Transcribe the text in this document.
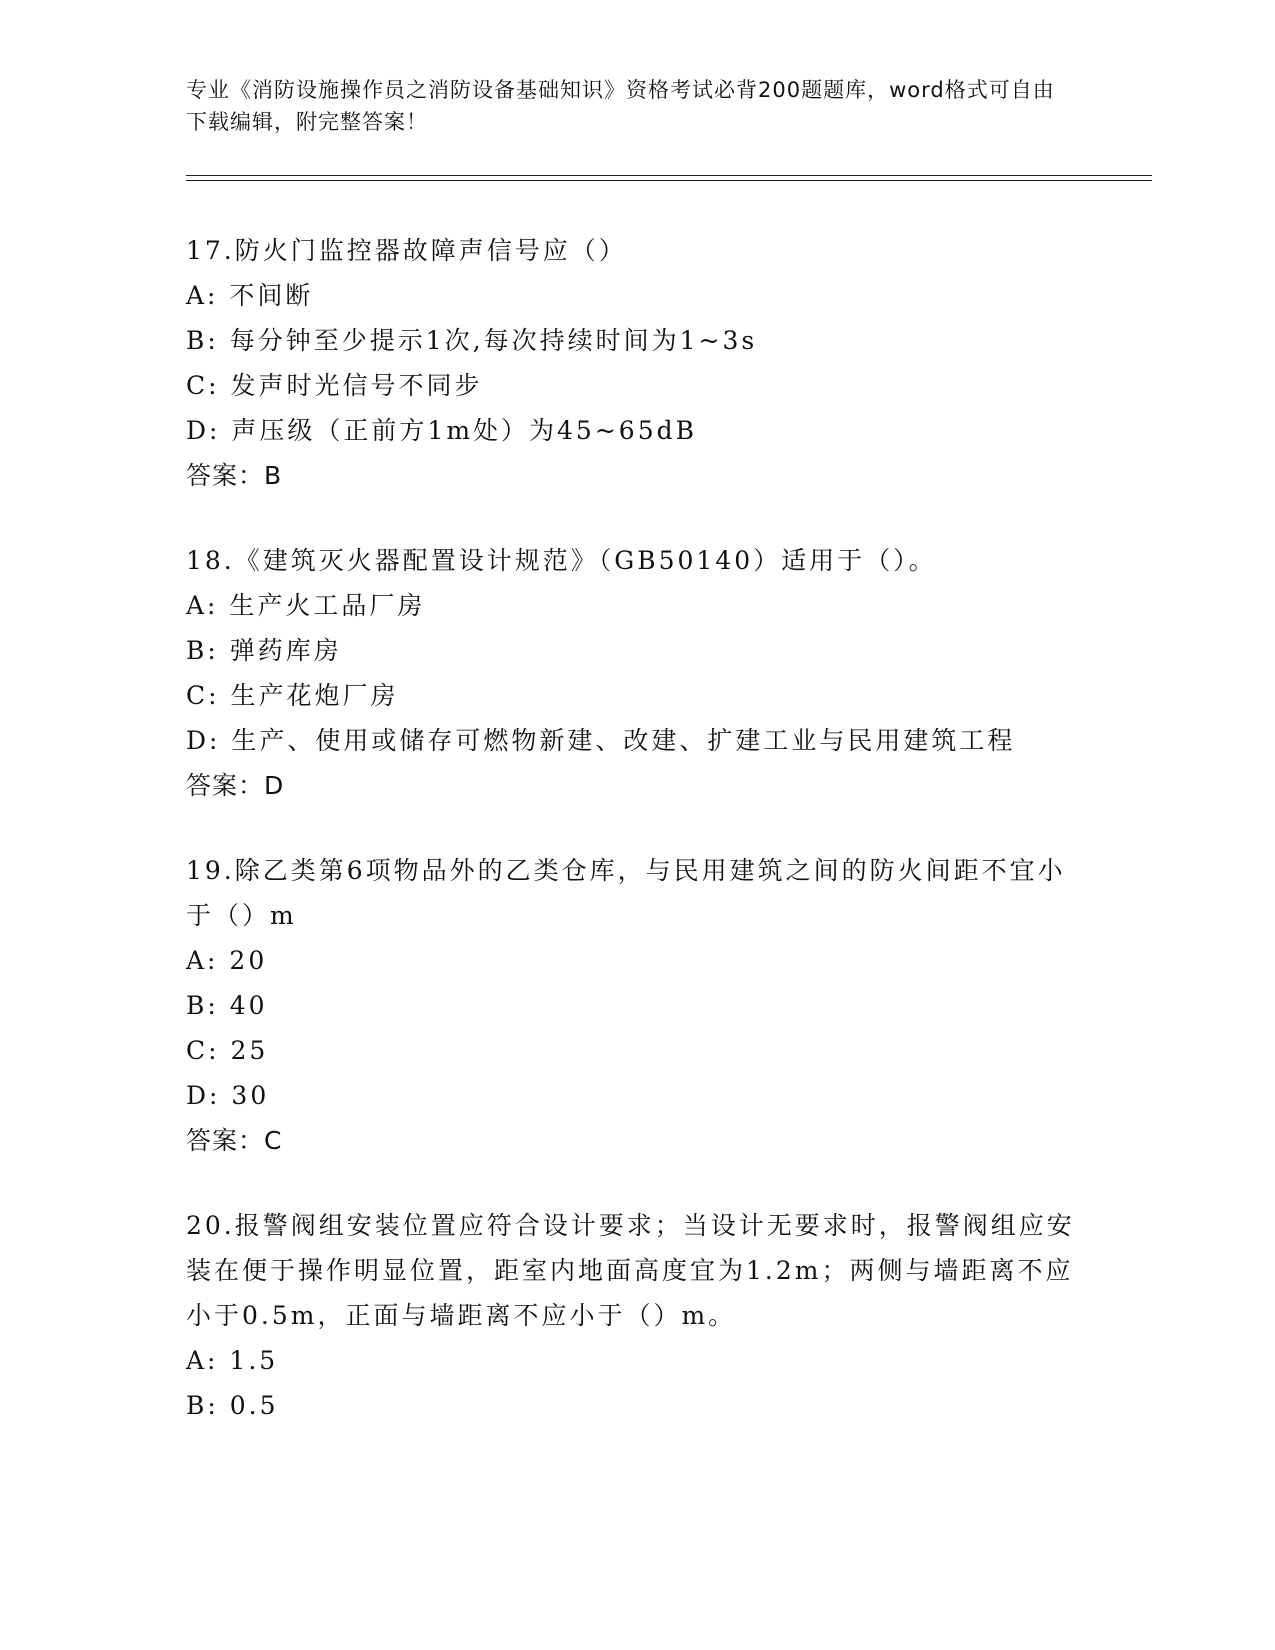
专业《消防设施操作员之消防设备基础知识》资格考试必背200题题库，word格式可自由下载编辑，附完整答案！
17.防火门监控器故障声信号应（）
A: 不间断
B: 每分钟至少提示1次,每次持续时间为1~3s
C: 发声时光信号不同步
D: 声压级（正前方1m处）为45~65dB
答案：B
18.《建筑灭火器配置设计规范》（GB50140）适用于（）。
A: 生产火工品厂房
B: 弹药库房
C: 生产花炮厂房
D: 生产、使用或储存可燃物新建、改建、扩建工业与民用建筑工程
答案：D
19.除乙类第6项物品外的乙类仓库，与民用建筑之间的防火间距不宜小于（）m
A: 20
B: 40
C: 25
D: 30
答案：C
20.报警阀组安装位置应符合设计要求；当设计无要求时，报警阀组应安装在便于操作明显位置，距室内地面高度宜为1.2m；两侧与墙距离不应小于0.5m，正面与墙距离不应小于（）m。
A: 1.5
B: 0.5
